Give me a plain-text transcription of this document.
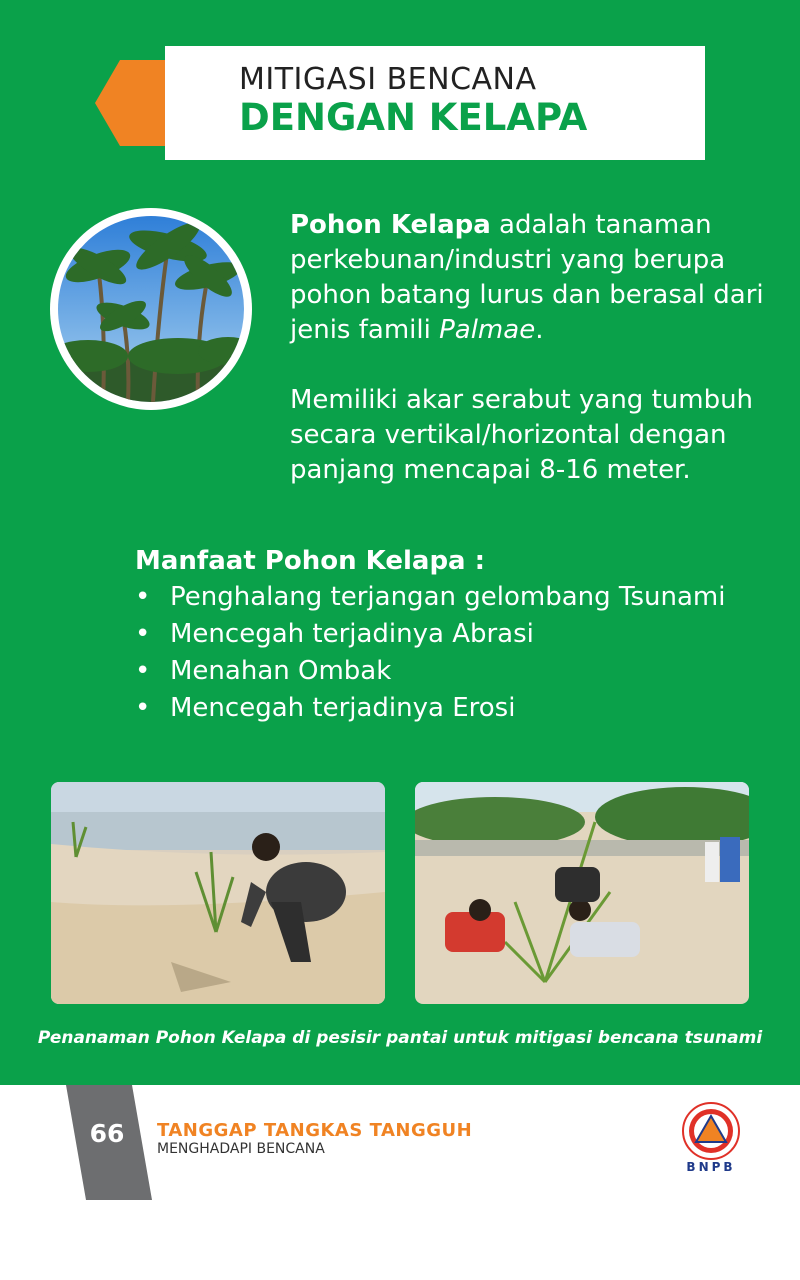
MITIGASI BENCANA
DENGAN KELAPA

Pohon Kelapa adalah tanaman perkebunan/industri yang berupa pohon batang lurus dan berasal dari jenis famili Palmae.

Memiliki akar serabut yang tumbuh secara vertikal/horizontal dengan panjang mencapai 8-16 meter.

Manfaat Pohon Kelapa :
• Penghalang terjangan gelombang Tsunami
• Mencegah terjadinya Abrasi
• Menahan Ombak
• Mencegah terjadinya Erosi
Penanaman Pohon Kelapa di pesisir pantai untuk mitigasi bencana tsunami
66	TANGGAP TANGKAS TANGGUH
MENGHADAPI BENCANA
BNPB
